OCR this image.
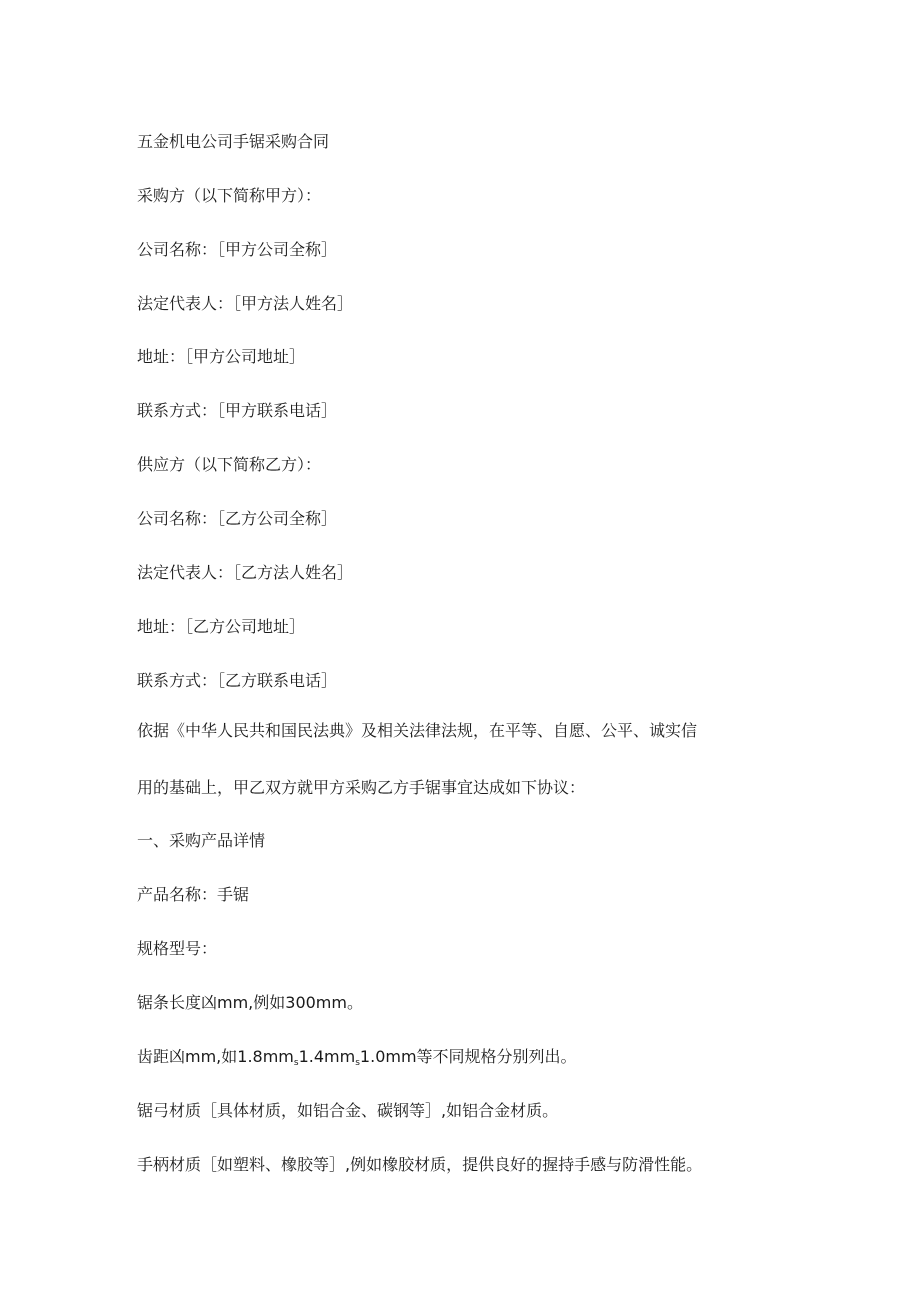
五金机电公司手锯采购合同
采购方（以下简称甲方）：
公司名称：［甲方公司全称］
法定代表人：［甲方法人姓名］
地址：［甲方公司地址］
联系方式：［甲方联系电话］
供应方（以下简称乙方）：
公司名称：［乙方公司全称］
法定代表人：［乙方法人姓名］
地址：［乙方公司地址］
联系方式：［乙方联系电话］
依据《中华人民共和国民法典》及相关法律法规，在平等、自愿、公平、诚实信
用的基础上，甲乙双方就甲方采购乙方手锯事宜达成如下协议：
一、采购产品详情
产品名称：手锯
规格型号：
锯条长度凶mm,例如300mm。
齿距凶mm,如$1.8mm_s1.4mm_s1.0mm$等不同规格分别列出。
锯弓材质［具体材质，如铝合金、碳钢等］,如铝合金材质。
手柄材质［如塑料、橡胶等］,例如橡胶材质，提供良好的握持手感与防滑性能。
